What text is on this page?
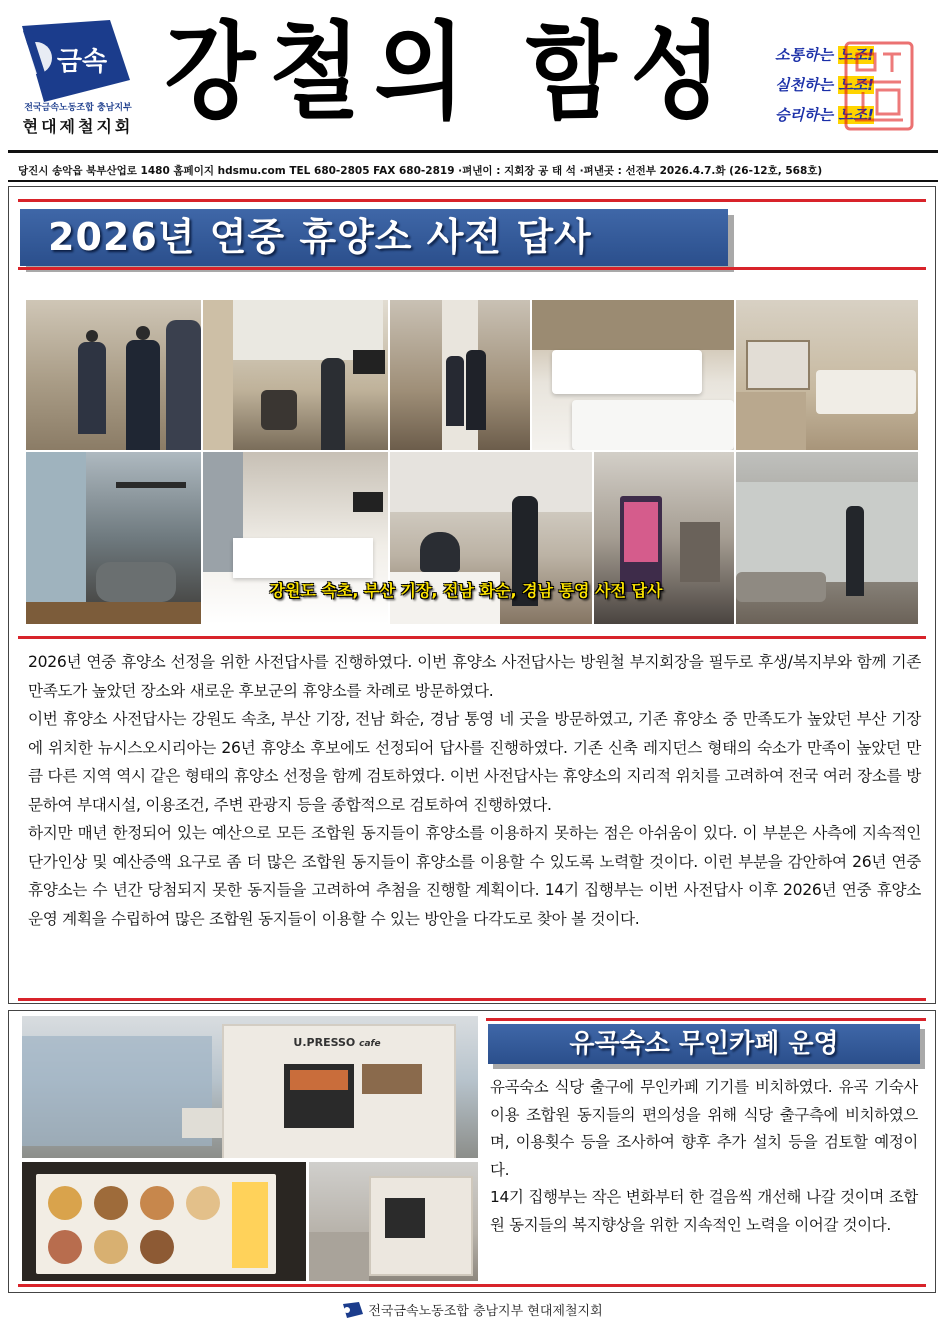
금속
전국금속노동조합 충남지부
현대제철지회 강철의 함성	소통하는 노조!
실천하는 노조!
승리하는 노조!
당진시 송악읍 북부산업로 1480 홈페이지 hdsmu.com TEL 680-2805 FAX 680-2819 ·펴낸이 : 지회장 공 태 석 ·펴낸곳 : 선전부 2026.4.7.화 (26-12호, 568호)
2026년 연중 휴양소 사전 답사
강원도 속초, 부산 기장, 전남 화순, 경남 통영 사전 답사

2026년 연중 휴양소 선정을 위한 사전답사를 진행하였다. 이번 휴양소 사전답사는 방원철 부지회장을 필두로 후생/복지부와 함께 기존 만족도가 높았던 장소와 새로운 후보군의 휴양소를 차례로 방문하였다.

이번 휴양소 사전답사는 강원도 속초, 부산 기장, 전남 화순, 경남 통영 네 곳을 방문하였고, 기존 휴양소 중 만족도가 높았던 부산 기장에 위치한 뉴시스오시리아는 26년 휴양소 후보에도 선정되어 답사를 진행하였다. 기존 신축 레지던스 형태의 숙소가 만족이 높았던 만큼 다른 지역 역시 같은 형태의 휴양소 선정을 함께 검토하였다. 이번 사전답사는 휴양소의 지리적 위치를 고려하여 전국 여러 장소를 방문하여 부대시설, 이용조건, 주변 관광지 등을 종합적으로 검토하여 진행하였다.

하지만 매년 한정되어 있는 예산으로 모든 조합원 동지들이 휴양소를 이용하지 못하는 점은 아쉬움이 있다. 이 부분은 사측에 지속적인 단가인상 및 예산증액 요구로 좀 더 많은 조합원 동지들이 휴양소를 이용할 수 있도록 노력할 것이다. 이런 부분을 감안하여 26년 연중 휴양소는 수 년간 당첨되지 못한 동지들을 고려하여 추첨을 진행할 계획이다. 14기 집행부는 이번 사전답사 이후 2026년 연중 휴양소 운영 계획을 수립하여 많은 조합원 동지들이 이용할 수 있는 방안을 다각도로 찾아 볼 것이다.

U.PRESSO cafe	유곡숙소 무인카페 운영

유곡숙소 식당 출구에 무인카페 기기를 비치하였다. 유곡 기숙사 이용 조합원 동지들의 편의성을 위해 식당 출구측에 비치하였으며, 이용횟수 등을 조사하여 향후 추가 설치 등을 검토할 예정이다.

14기 집행부는 작은 변화부터 한 걸음씩 개선해 나갈 것이며 조합원 동지들의 복지향상을 위한 지속적인 노력을 이어갈 것이다.

전국금속노동조합 충남지부 현대제철지회
